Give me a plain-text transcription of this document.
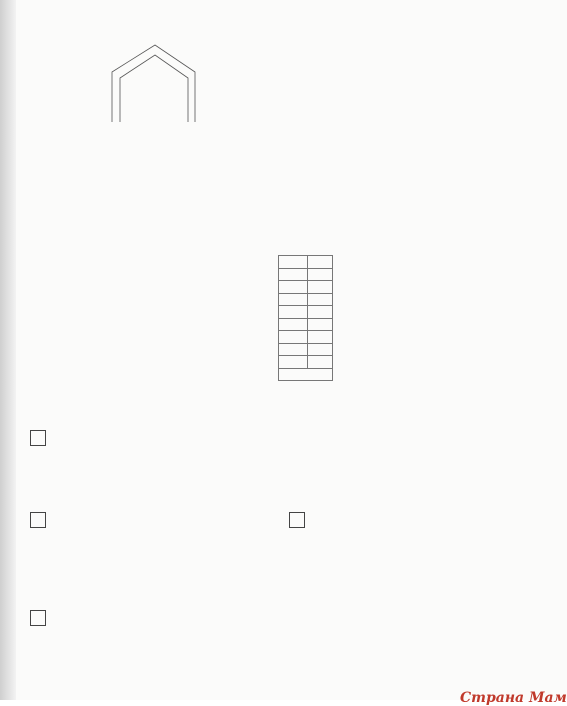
Страна Мам
